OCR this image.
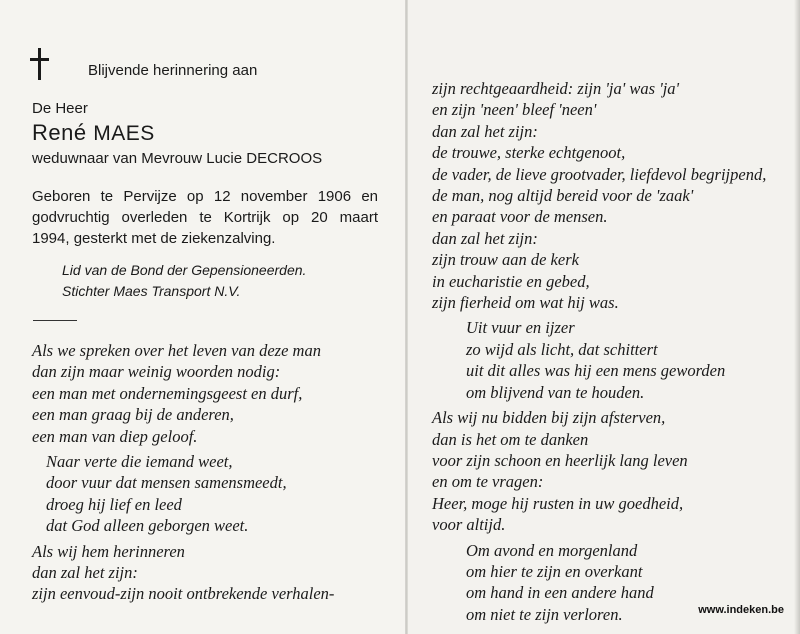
Blijvende herinnering aan
De Heer
René MAES
weduwnaar van Mevrouw Lucie DECROOS
Geboren te Pervijze op 12 november 1906 en
godvruchtig overleden te Kortrijk op 20 maart
1994, gesterkt met de ziekenzalving.
Lid van de Bond der Gepensioneerden.
Stichter Maes Transport N.V.
Als we spreken over het leven van deze man
dan zijn maar weinig woorden nodig:
een man met ondernemingsgeest en durf,
een man graag bij de anderen,
een man van diep geloof.
Naar verte die iemand weet,
door vuur dat mensen samensmeedt,
droeg hij lief en leed
dat God alleen geborgen weet.
Als wij hem herinneren
dan zal het zijn:
zijn eenvoud-zijn nooit ontbrekende verhalen-
zijn rechtgeaardheid: zijn 'ja' was 'ja'
en zijn 'neen' bleef 'neen'
dan zal het zijn:
de trouwe, sterke echtgenoot,
de vader, de lieve grootvader, liefdevol begrijpend,
de man, nog altijd bereid voor de 'zaak'
en paraat voor de mensen.
dan zal het zijn:
zijn trouw aan de kerk
in eucharistie en gebed,
zijn fierheid om wat hij was.
Uit vuur en ijzer
zo wijd als licht, dat schittert
uit dit alles was hij een mens geworden
om blijvend van te houden.
Als wij nu bidden bij zijn afsterven,
dan is het om te danken
voor zijn schoon en heerlijk lang leven
en om te vragen:
Heer, moge hij rusten in uw goedheid,
voor altijd.
Om avond en morgenland
om hier te zijn en overkant
om hand in een andere hand
om niet te zijn verloren.	www.indeken.be
